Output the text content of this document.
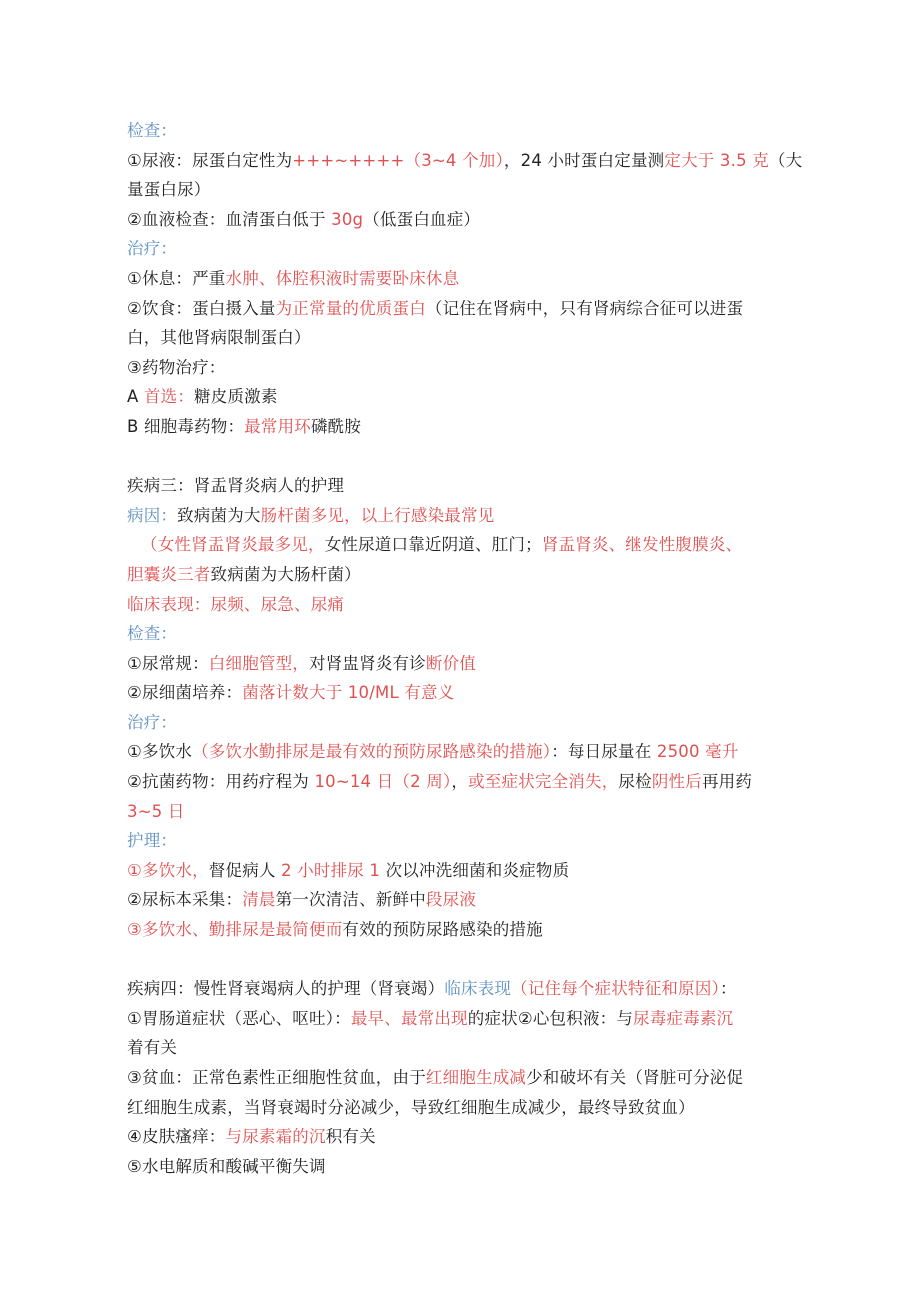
检查：
①尿液：尿蛋白定性为+++~++++（3~4 个加），24 小时蛋白定量测定大于 3.5 克（大
量蛋白尿）
②血液检查：血清蛋白低于 30g（低蛋白血症）
治疗：
①休息：严重水肿、体腔积液时需要卧床休息
②饮食：蛋白摄入量为正常量的优质蛋白（记住在肾病中，只有肾病综合征可以进蛋
白，其他肾病限制蛋白）
③药物治疗：
A 首选：糖皮质激素
B 细胞毒药物：最常用环磷酰胺
疾病三：肾盂肾炎病人的护理
病因：致病菌为大肠杆菌多见，以上行感染最常见
（女性肾盂肾炎最多见，女性尿道口靠近阴道、肛门；肾盂肾炎、继发性腹膜炎、
胆囊炎三者致病菌为大肠杆菌）
临床表现：尿频、尿急、尿痛
检查：
①尿常规：白细胞管型，对肾盅肾炎有诊断价值
②尿细菌培养：菌落计数大于 10/ML 有意义
治疗：
①多饮水（多饮水勤排尿是最有效的预防尿路感染的措施）：每日尿量在 2500 毫升
②抗菌药物：用药疗程为 10~14 日（2 周），或至症状完全消失，尿检阴性后再用药
3~5 日
护理：
①多饮水，督促病人 2 小时排尿 1 次以冲洗细菌和炎症物质
②尿标本采集：清晨第一次清洁、新鲜中段尿液
③多饮水、勤排尿是最简便而有效的预防尿路感染的措施
疾病四：慢性肾衰竭病人的护理（肾衰竭）临床表现（记住每个症状特征和原因）：
①胃肠道症状（恶心、呕吐）：最早、最常出现的症状②心包积液：与尿毒症毒素沉
着有关
③贫血：正常色素性正细胞性贫血，由于红细胞生成减少和破坏有关（肾脏可分泌促
红细胞生成素，当肾衰竭时分泌减少，导致红细胞生成减少，最终导致贫血）
④皮肤瘙痒：与尿素霜的沉积有关
⑤水电解质和酸碱平衡失调
